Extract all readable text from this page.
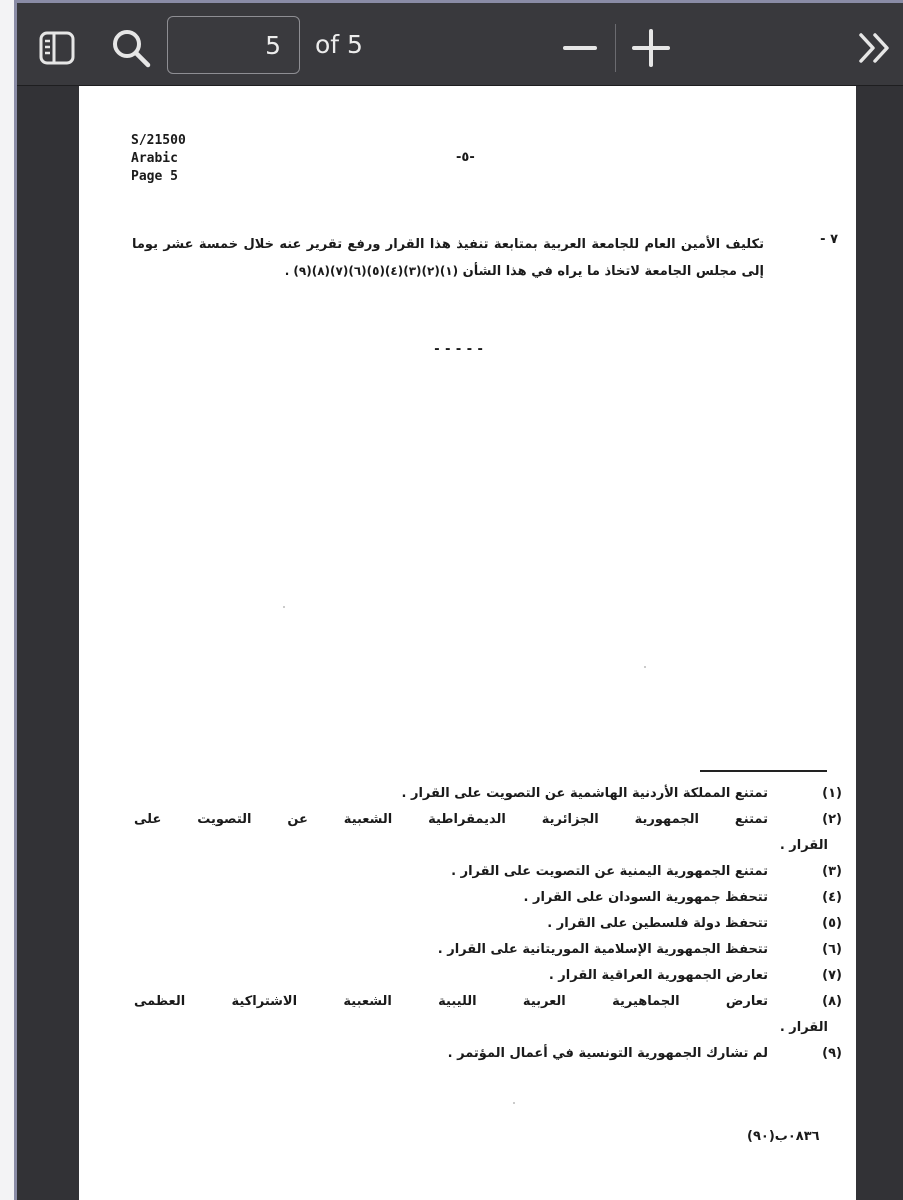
5
of 5
S/21500
Arabic
Page 5
-٥-
٧ -
تكليف الأمين العام للجامعة العربية بمتابعة تنفيذ هذا القرار ورفع تقرير عنه خلال خمسة عشر يوما إلى مجلس الجامعة لاتخاذ ما يراه في هذا الشأن (١)(٢)(٣)(٤)(٥)(٦)(٧)(٨)(٩) .
-----
(١)
تمتنع المملكة الأردنية الهاشمية عن التصويت على القرار .
(٢)
تمتنع الجمهورية الجزائرية الديمقراطية الشعبية عن التصويت على
القرار .
(٣)
تمتنع الجمهورية اليمنية عن التصويت على القرار .
(٤)
تتحفظ جمهورية السودان على القرار .
(٥)
تتحفظ دولة فلسطين على القرار .
(٦)
تتحفظ الجمهورية الإسلامية الموريتانية على القرار .
(٧)
تعارض الجمهورية العراقية القرار .
(٨)
تعارض الجماهيرية العربية الليبية الشعبية الاشتراكية العظمى
القرار .
(٩)
لم تشارك الجمهورية التونسية في أعمال المؤتمر .
٠٨٣٦ب(٩٠)
